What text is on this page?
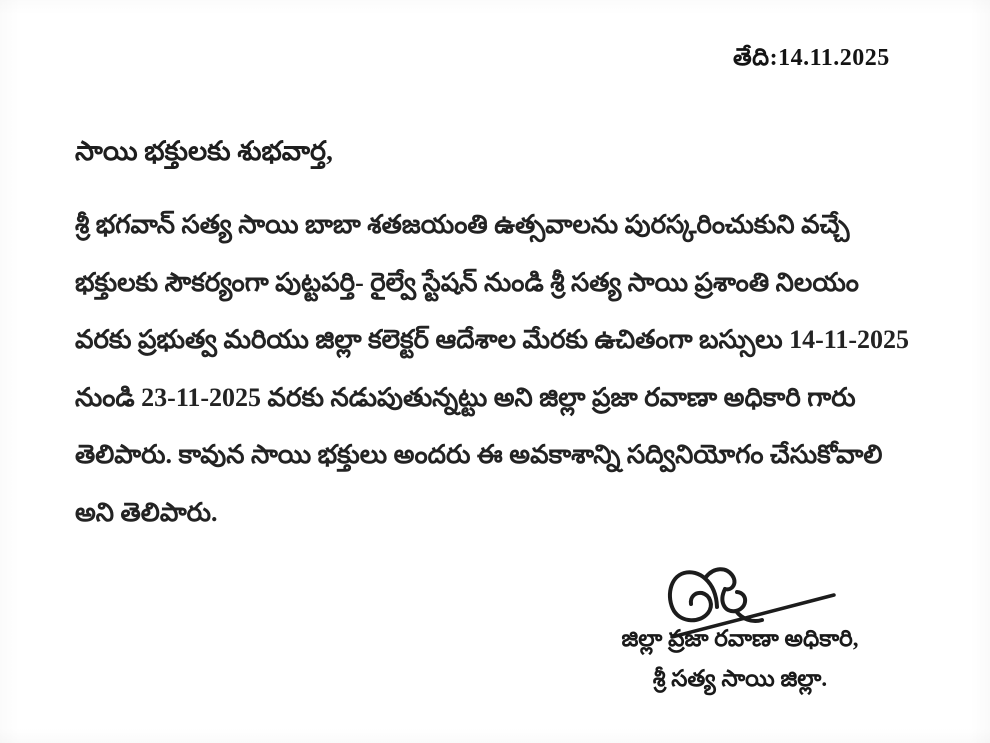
తేది:14.11.2025
సాయి భక్తులకు శుభవార్త,
శ్రీ భగవాన్ సత్య సాయి బాబా శతజయంతి ఉత్సవాలను పురస్కరించుకుని వచ్చే
భక్తులకు సౌకర్యంగా పుట్టపర్తి- రైల్వే స్టేషన్ నుండి శ్రీ సత్య సాయి ప్రశాంతి నిలయం
వరకు ప్రభుత్వ మరియు జిల్లా కలెక్టర్ ఆదేశాల మేరకు ఉచితంగా బస్సులు 14-11-2025
నుండి 23-11-2025 వరకు నడుపుతున్నట్టు అని జిల్లా ప్రజా రవాణా అధికారి గారు
తెలిపారు. కావున సాయి భక్తులు అందరు ఈ అవకాశాన్ని సద్వినియోగం చేసుకోవాలి
అని తెలిపారు.
జిల్లా ప్రజా రవాణా అధికారి,
శ్రీ సత్య సాయి జిల్లా.
